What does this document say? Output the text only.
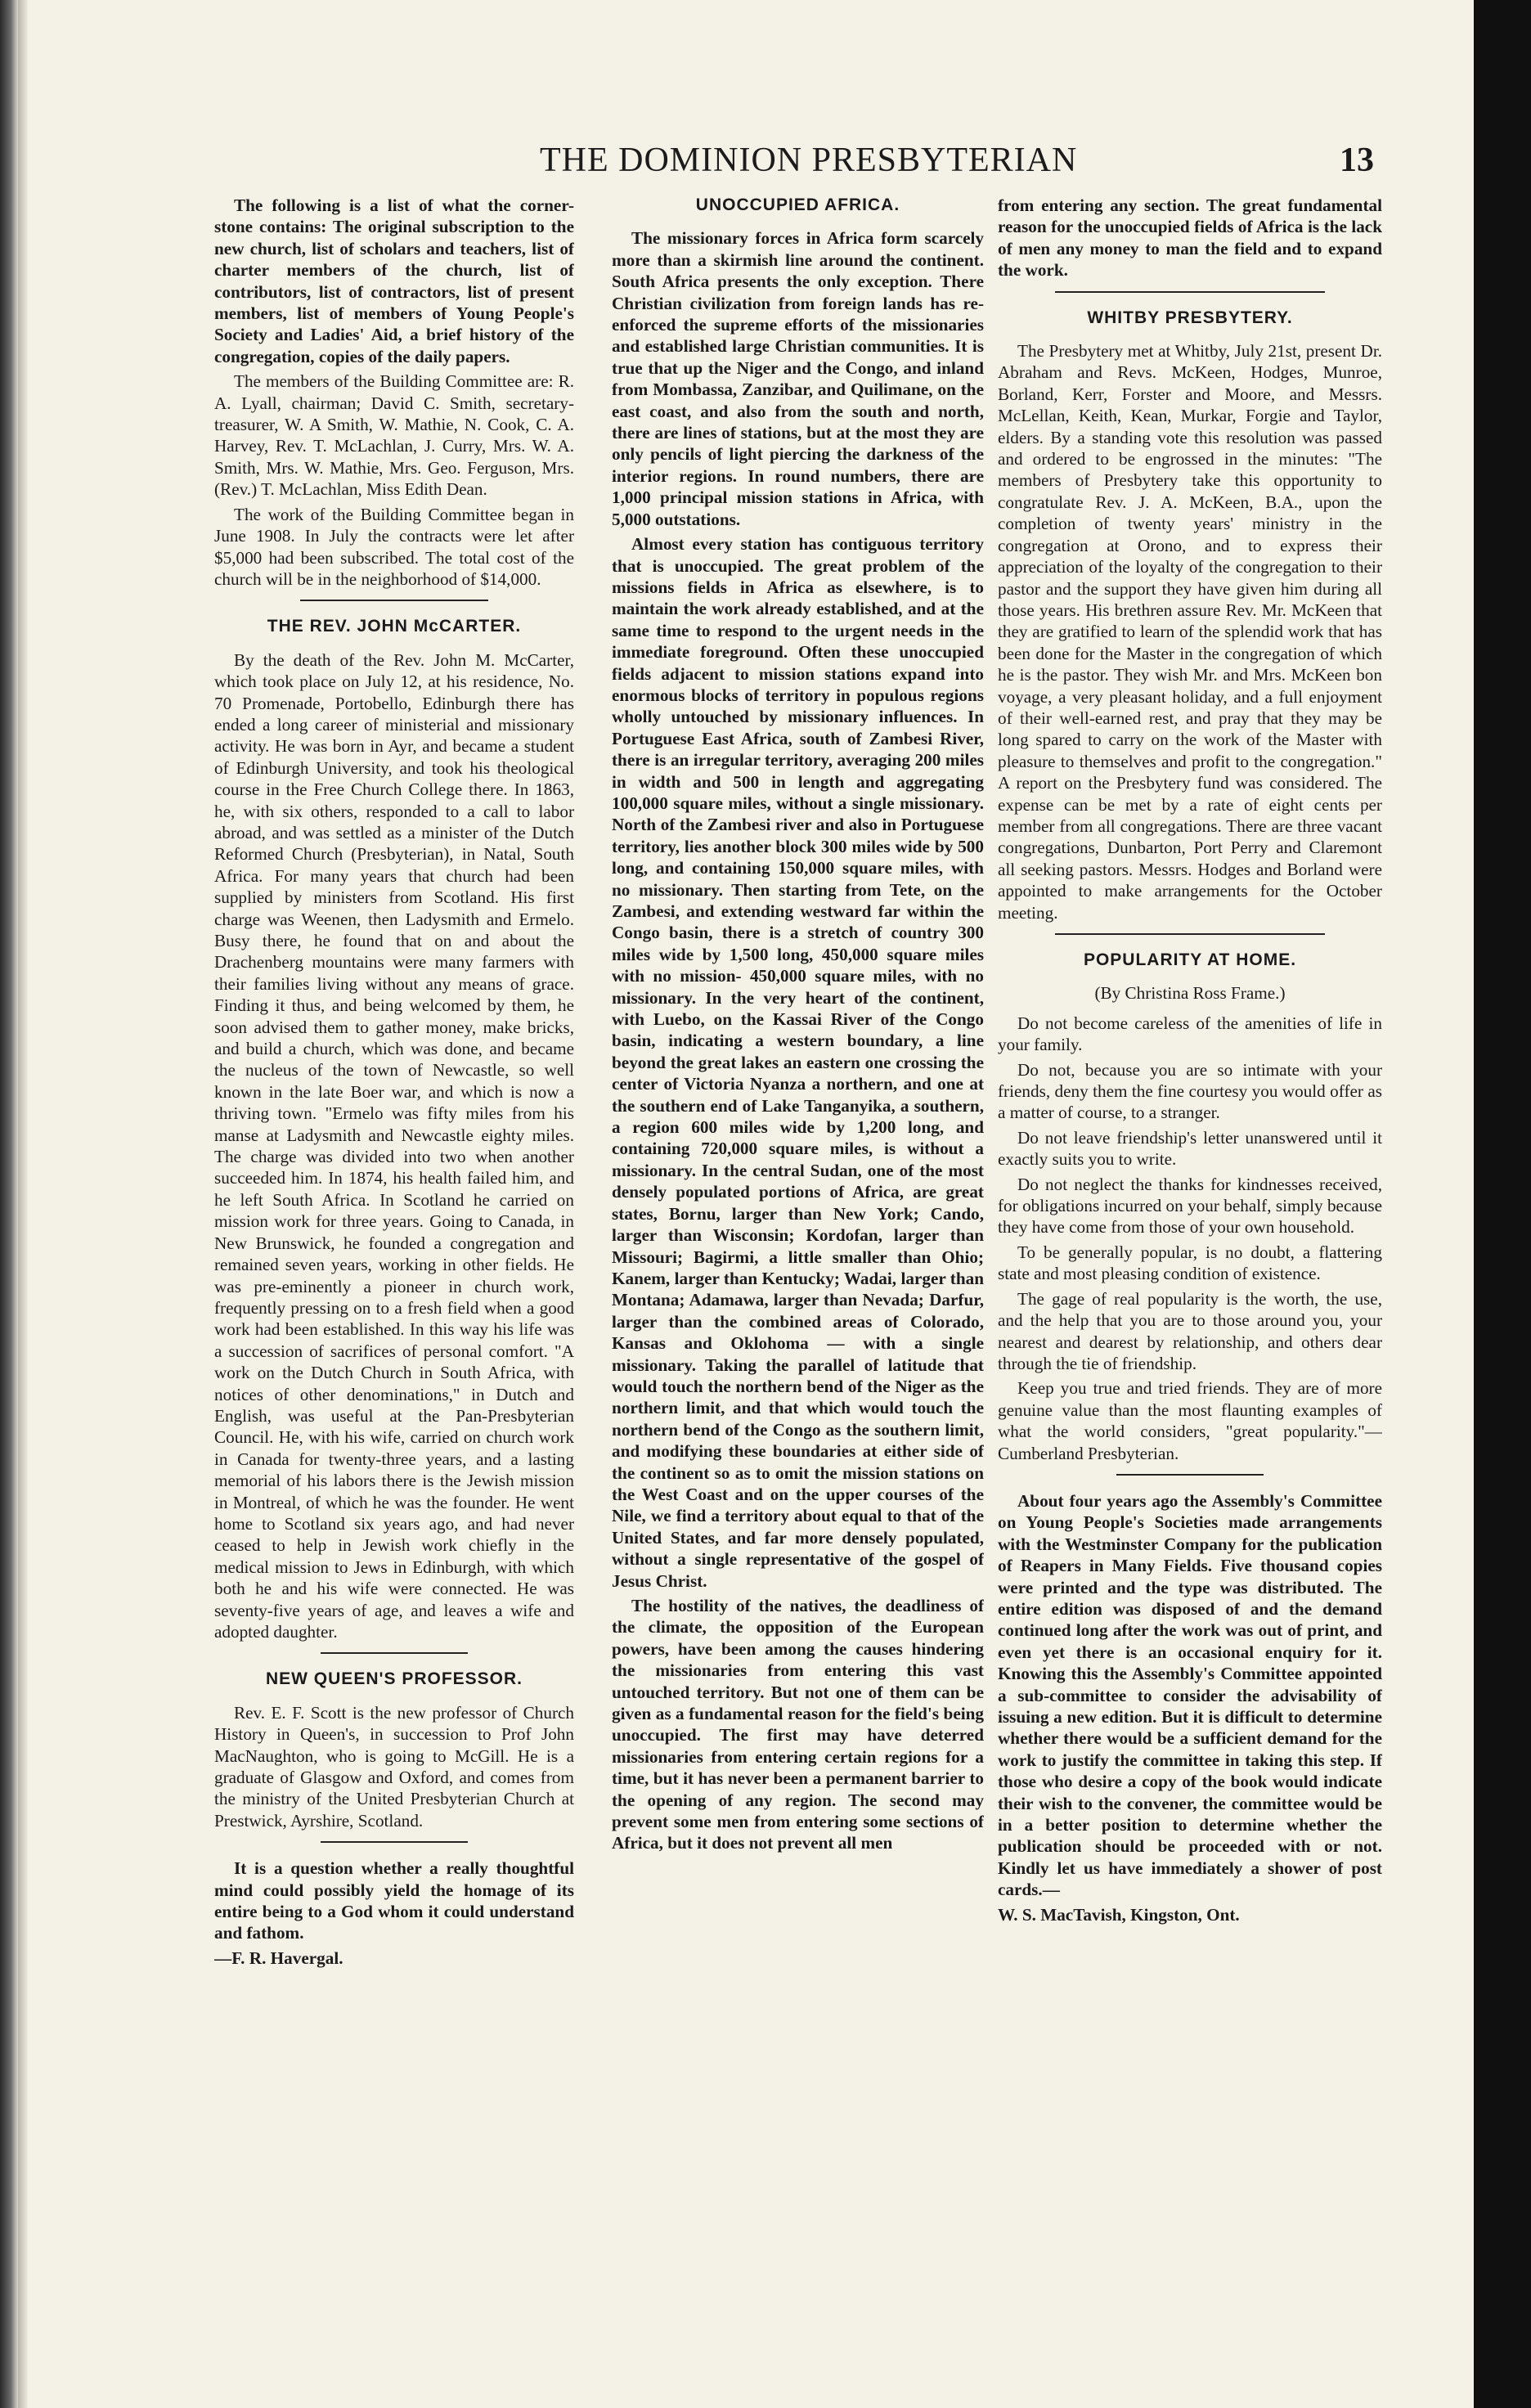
THE DOMINION PRESBYTERIAN	13

The following is a list of what the corner-stone contains: The original subscription to the new church, list of scholars and teachers, list of charter members of the church, list of contributors, list of contractors, list of present members, list of members of Young People's Society and Ladies' Aid, a brief history of the congregation, copies of the daily papers.

The members of the Building Committee are: R. A. Lyall, chairman; David C. Smith, secretary-treasurer, W. A Smith, W. Mathie, N. Cook, C. A. Harvey, Rev. T. McLachlan, J. Curry, Mrs. W. A. Smith, Mrs. W. Mathie, Mrs. Geo. Ferguson, Mrs. (Rev.) T. McLachlan, Miss Edith Dean.

The work of the Building Committee began in June 1908. In July the contracts were let after $5,000 had been subscribed. The total cost of the church will be in the neighborhood of $14,000.

THE REV. JOHN McCARTER.

By the death of the Rev. John M. McCarter, which took place on July 12, at his residence, No. 70 Promenade, Portobello, Edinburgh there has ended a long career of ministerial and missionary activity. He was born in Ayr, and became a student of Edinburgh University, and took his theological course in the Free Church College there. In 1863, he, with six others, responded to a call to labor abroad, and was settled as a minister of the Dutch Reformed Church (Presbyterian), in Natal, South Africa. For many years that church had been supplied by ministers from Scotland. His first charge was Weenen, then Ladysmith and Ermelo. Busy there, he found that on and about the Drachenberg mountains were many farmers with their families living without any means of grace. Finding it thus, and being welcomed by them, he soon advised them to gather money, make bricks, and build a church, which was done, and became the nucleus of the town of Newcastle, so well known in the late Boer war, and which is now a thriving town. "Ermelo was fifty miles from his manse at Ladysmith and Newcastle eighty miles. The charge was divided into two when another succeeded him. In 1874, his health failed him, and he left South Africa. In Scotland he carried on mission work for three years. Going to Canada, in New Brunswick, he founded a congregation and remained seven years, working in other fields. He was pre-eminently a pioneer in church work, frequently pressing on to a fresh field when a good work had been established. In this way his life was a succession of sacrifices of personal comfort. "A work on the Dutch Church in South Africa, with notices of other denominations," in Dutch and English, was useful at the Pan-Presbyterian Council. He, with his wife, carried on church work in Canada for twenty-three years, and a lasting memorial of his labors there is the Jewish mission in Montreal, of which he was the founder. He went home to Scotland six years ago, and had never ceased to help in Jewish work chiefly in the medical mission to Jews in Edinburgh, with which both he and his wife were connected. He was seventy-five years of age, and leaves a wife and adopted daughter.

NEW QUEEN'S PROFESSOR.

Rev. E. F. Scott is the new professor of Church History in Queen's, in succession to Prof John MacNaughton, who is going to McGill. He is a graduate of Glasgow and Oxford, and comes from the ministry of the United Presbyterian Church at Prestwick, Ayrshire, Scotland.

It is a question whether a really thoughtful mind could possibly yield the homage of its entire being to a God whom it could understand and fathom.

—F. R. Havergal.

UNOCCUPIED AFRICA.

The missionary forces in Africa form scarcely more than a skirmish line around the continent. South Africa presents the only exception. There Christian civilization from foreign lands has re-enforced the supreme efforts of the missionaries and established large Christian communities. It is true that up the Niger and the Congo, and inland from Mombassa, Zanzibar, and Quilimane, on the east coast, and also from the south and north, there are lines of stations, but at the most they are only pencils of light piercing the darkness of the interior regions. In round numbers, there are 1,000 principal mission stations in Africa, with 5,000 outstations.

Almost every station has contiguous territory that is unoccupied. The great problem of the missions fields in Africa as elsewhere, is to maintain the work already established, and at the same time to respond to the urgent needs in the immediate foreground. Often these unoccupied fields adjacent to mission stations expand into enormous blocks of territory in populous regions wholly untouched by missionary influences. In Portuguese East Africa, south of Zambesi River, there is an irregular territory, averaging 200 miles in width and 500 in length and aggregating 100,000 square miles, without a single missionary. North of the Zambesi river and also in Portuguese territory, lies another block 300 miles wide by 500 long, and containing 150,000 square miles, with no missionary. Then starting from Tete, on the Zambesi, and extending westward far within the Congo basin, there is a stretch of country 300 miles wide by 1,500 long, 450,000 square miles with no mission- 450,000 square miles, with no missionary. In the very heart of the continent, with Luebo, on the Kassai River of the Congo basin, indicating a western boundary, a line beyond the great lakes an eastern one crossing the center of Victoria Nyanza a northern, and one at the southern end of Lake Tanganyika, a southern, a region 600 miles wide by 1,200 long, and containing 720,000 square miles, is without a missionary. In the central Sudan, one of the most densely populated portions of Africa, are great states, Bornu, larger than New York; Cando, larger than Wisconsin; Kordofan, larger than Missouri; Bagirmi, a little smaller than Ohio; Kanem, larger than Kentucky; Wadai, larger than Montana; Adamawa, larger than Nevada; Darfur, larger than the combined areas of Colorado, Kansas and Oklohoma — with a single missionary. Taking the parallel of latitude that would touch the northern bend of the Niger as the northern limit, and that which would touch the northern bend of the Congo as the southern limit, and modifying these boundaries at either side of the continent so as to omit the mission stations on the West Coast and on the upper courses of the Nile, we find a territory about equal to that of the United States, and far more densely populated, without a single representative of the gospel of Jesus Christ.

The hostility of the natives, the deadliness of the climate, the opposition of the European powers, have been among the causes hindering the missionaries from entering this vast untouched territory. But not one of them can be given as a fundamental reason for the field's being unoccupied. The first may have deterred missionaries from entering certain regions for a time, but it has never been a permanent barrier to the opening of any region. The second may prevent some men from entering some sections of Africa, but it does not prevent all men

from entering any section. The great fundamental reason for the unoccupied fields of Africa is the lack of men any money to man the field and to expand the work.

WHITBY PRESBYTERY.

The Presbytery met at Whitby, July 21st, present Dr. Abraham and Revs. McKeen, Hodges, Munroe, Borland, Kerr, Forster and Moore, and Messrs. McLellan, Keith, Kean, Murkar, Forgie and Taylor, elders. By a standing vote this resolution was passed and ordered to be engrossed in the minutes: "The members of Presbytery take this opportunity to congratulate Rev. J. A. McKeen, B.A., upon the completion of twenty years' ministry in the congregation at Orono, and to express their appreciation of the loyalty of the congregation to their pastor and the support they have given him during all those years. His brethren assure Rev. Mr. McKeen that they are gratified to learn of the splendid work that has been done for the Master in the congregation of which he is the pastor. They wish Mr. and Mrs. McKeen bon voyage, a very pleasant holiday, and a full enjoyment of their well-earned rest, and pray that they may be long spared to carry on the work of the Master with pleasure to themselves and profit to the congregation." A report on the Presbytery fund was considered. The expense can be met by a rate of eight cents per member from all congregations. There are three vacant congregations, Dunbarton, Port Perry and Claremont all seeking pastors. Messrs. Hodges and Borland were appointed to make arrangements for the October meeting.

POPULARITY AT HOME.

(By Christina Ross Frame.)

Do not become careless of the amenities of life in your family.

Do not, because you are so intimate with your friends, deny them the fine courtesy you would offer as a matter of course, to a stranger.

Do not leave friendship's letter unanswered until it exactly suits you to write.

Do not neglect the thanks for kindnesses received, for obligations incurred on your behalf, simply because they have come from those of your own household.

To be generally popular, is no doubt, a flattering state and most pleasing condition of existence.

The gage of real popularity is the worth, the use, and the help that you are to those around you, your nearest and dearest by relationship, and others dear through the tie of friendship.

Keep you true and tried friends. They are of more genuine value than the most flaunting examples of what the world considers, "great popularity."—Cumberland Presbyterian.

About four years ago the Assembly's Committee on Young People's Societies made arrangements with the Westminster Company for the publication of Reapers in Many Fields. Five thousand copies were printed and the type was distributed. The entire edition was disposed of and the demand continued long after the work was out of print, and even yet there is an occasional enquiry for it. Knowing this the Assembly's Committee appointed a sub-committee to consider the advisability of issuing a new edition. But it is difficult to determine whether there would be a sufficient demand for the work to justify the committee in taking this step. If those who desire a copy of the book would indicate their wish to the convener, the committee would be in a better position to determine whether the publication should be proceeded with or not. Kindly let us have immediately a shower of post cards.—

W. S. MacTavish, Kingston, Ont.
